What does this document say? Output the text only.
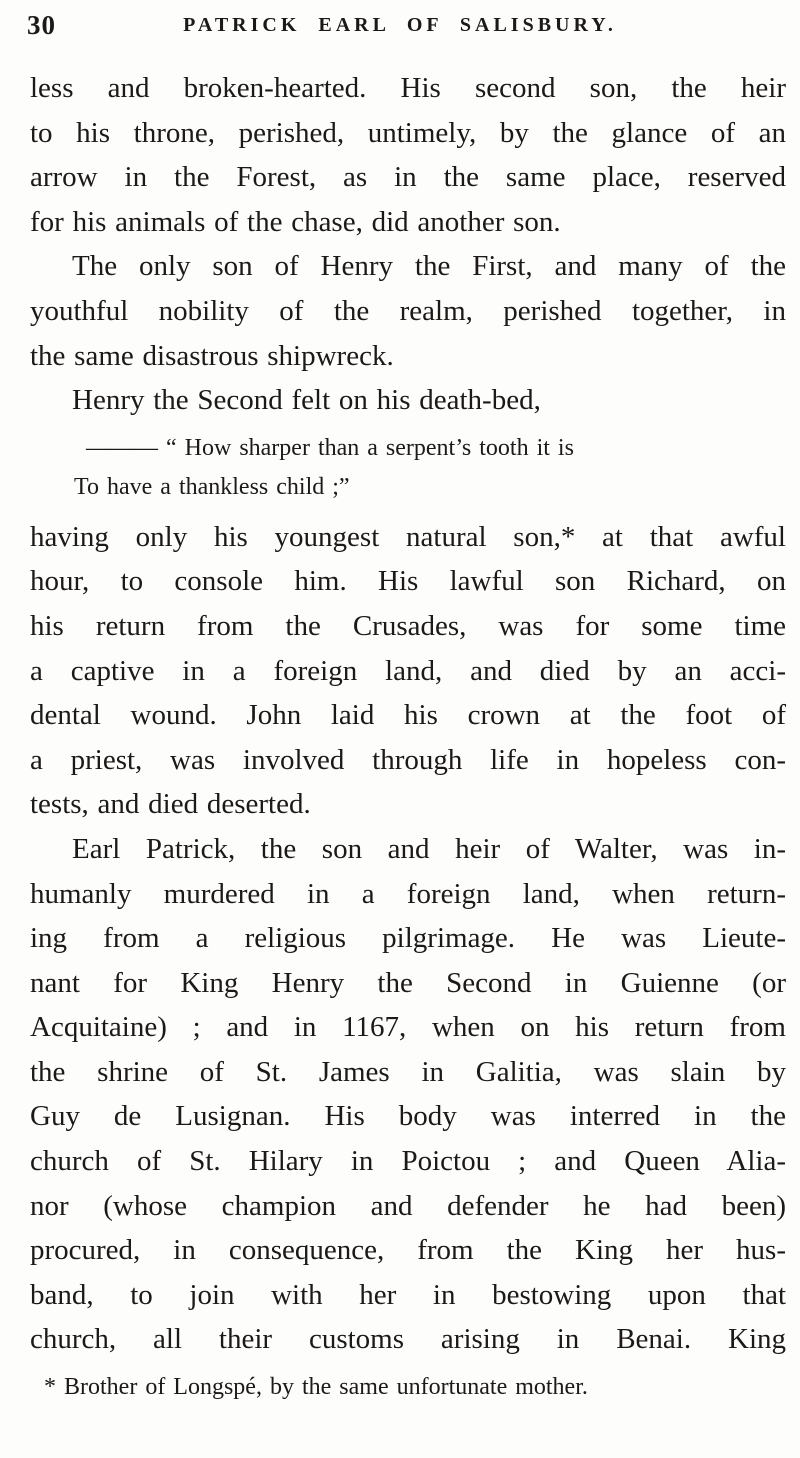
30	PATRICK EARL OF SALISBURY.
less and broken-hearted. His second son, the heir
to his throne, perished, untimely, by the glance of an
arrow in the Forest, as in the same place, reserved
for his animals of the chase, did another son.
The only son of Henry the First, and many of the
youthful nobility of the realm, perished together, in
the same disastrous shipwreck.
Henry the Second felt on his death-bed,
——— “ How sharper than a serpent’s tooth it is
To have a thankless child ;”
having only his youngest natural son,* at that awful
hour, to console him. His lawful son Richard, on
his return from the Crusades, was for some time
a captive in a foreign land, and died by an acci-
dental wound. John laid his crown at the foot of
a priest, was involved through life in hopeless con-
tests, and died deserted.
Earl Patrick, the son and heir of Walter, was in-
humanly murdered in a foreign land, when return-
ing from a religious pilgrimage. He was Lieute-
nant for King Henry the Second in Guienne (or
Acquitaine) ; and in 1167, when on his return from
the shrine of St. James in Galitia, was slain by
Guy de Lusignan. His body was interred in the
church of St. Hilary in Poictou ; and Queen Alia-
nor (whose champion and defender he had been)
procured, in consequence, from the King her hus-
band, to join with her in bestowing upon that
church, all their customs arising in Benai. King
* Brother of Longspé, by the same unfortunate mother.
